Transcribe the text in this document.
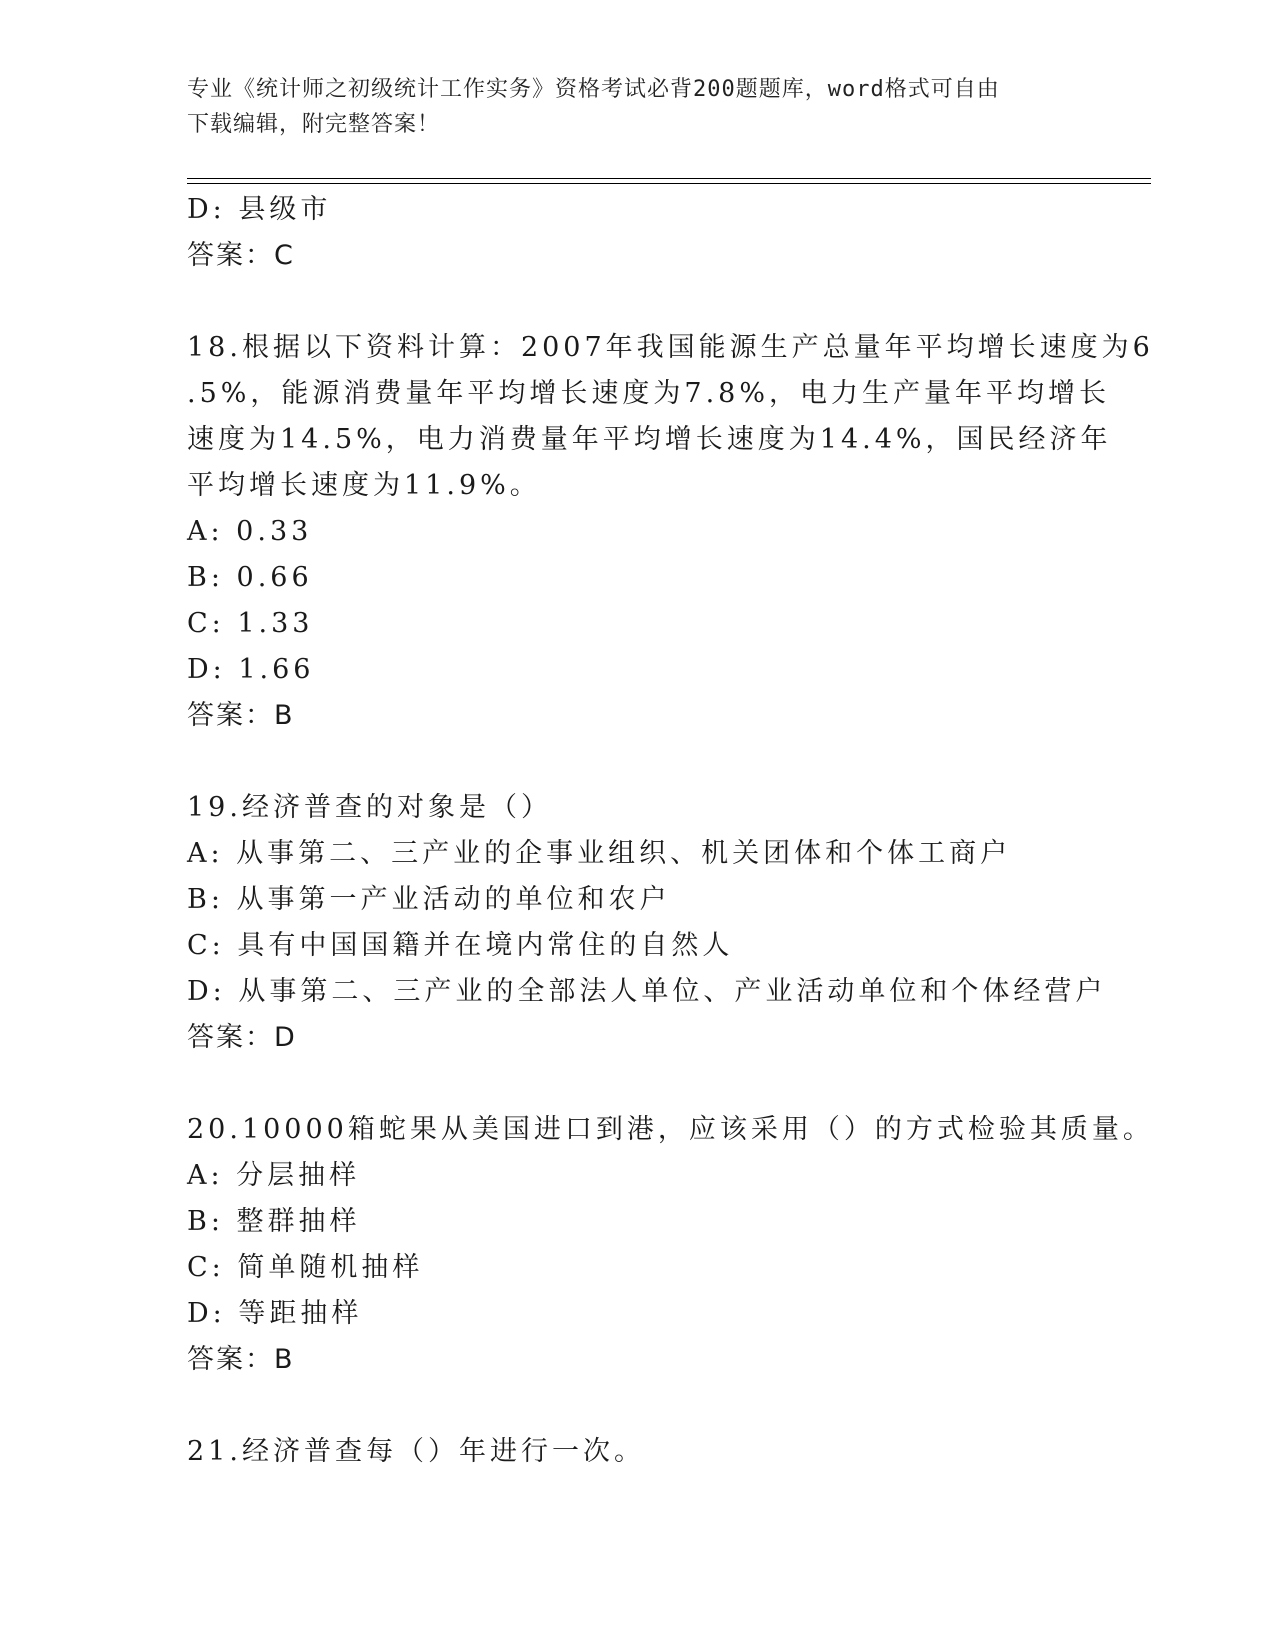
专业《统计师之初级统计工作实务》资格考试必背200题题库，word格式可自由
下载编辑，附完整答案！
D: 县级市
答案：C
18.根据以下资料计算：2007年我国能源生产总量年平均增长速度为6
.5%，能源消费量年平均增长速度为7.8%，电力生产量年平均增长
速度为14.5%，电力消费量年平均增长速度为14.4%，国民经济年
平均增长速度为11.9%。
A: 0.33
B: 0.66
C: 1.33
D: 1.66
答案：B
19.经济普查的对象是（）
A: 从事第二、三产业的企事业组织、机关团体和个体工商户
B: 从事第一产业活动的单位和农户
C: 具有中国国籍并在境内常住的自然人
D: 从事第二、三产业的全部法人单位、产业活动单位和个体经营户
答案：D
20.10000箱蛇果从美国进口到港，应该采用（）的方式检验其质量。
A: 分层抽样
B: 整群抽样
C: 简单随机抽样
D: 等距抽样
答案：B
21.经济普查每（）年进行一次。
